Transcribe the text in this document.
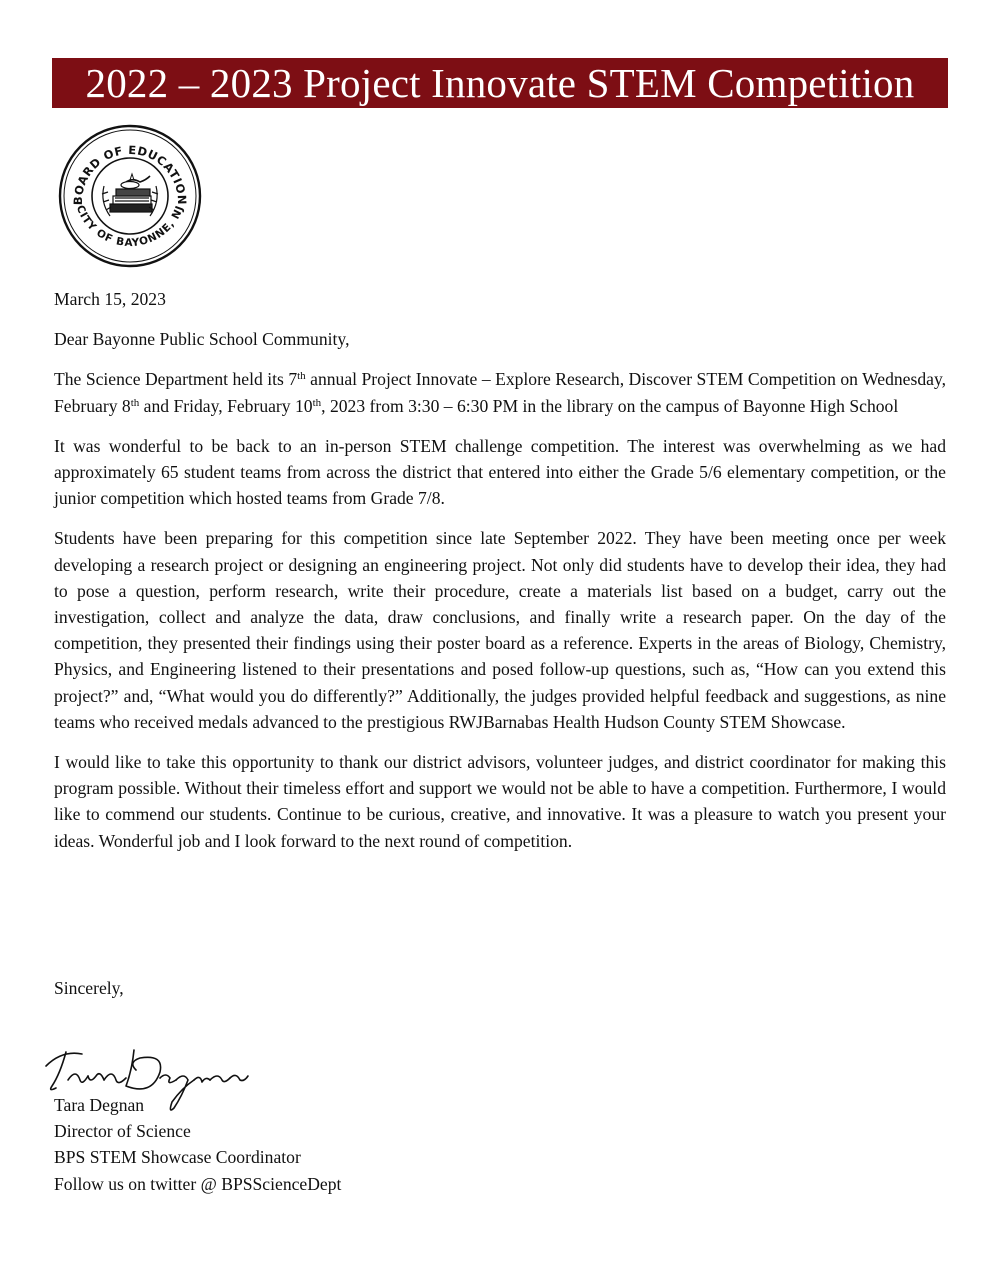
2022 – 2023 Project Innovate STEM Competition
BOARD OF EDUCATION
CITY OF BAYONNE, NJ

March 15, 2023

Dear Bayonne Public School Community,

The Science Department held its 7th annual Project Innovate – Explore Research, Discover STEM Competition on Wednesday, February 8th and Friday, February 10th, 2023 from 3:30 – 6:30 PM in the library on the campus of Bayonne High School

It was wonderful to be back to an in-person STEM challenge competition. The interest was overwhelming as we had approximately 65 student teams from across the district that entered into either the Grade 5/6 elementary competition, or the junior competition which hosted teams from Grade 7/8.

Students have been preparing for this competition since late September 2022. They have been meeting once per week developing a research project or designing an engineering project. Not only did students have to develop their idea, they had to pose a question, perform research, write their procedure, create a materials list based on a budget, carry out the investigation, collect and analyze the data, draw conclusions, and finally write a research paper. On the day of the competition, they presented their findings using their poster board as a reference. Experts in the areas of Biology, Chemistry, Physics, and Engineering listened to their presentations and posed follow-up questions, such as, “How can you extend this project?” and, “What would you do differently?” Additionally, the judges provided helpful feedback and suggestions, as nine teams who received medals advanced to the prestigious RWJBarnabas Health Hudson County STEM Showcase.

I would like to take this opportunity to thank our district advisors, volunteer judges, and district coordinator for making this program possible. Without their timeless effort and support we would not be able to have a competition. Furthermore, I would like to commend our students. Continue to be curious, creative, and innovative. It was a pleasure to watch you present your ideas. Wonderful job and I look forward to the next round of competition.

Sincerely,
Tara Degnan
Director of Science
BPS STEM Showcase Coordinator
Follow us on twitter @ BPSScienceDept
